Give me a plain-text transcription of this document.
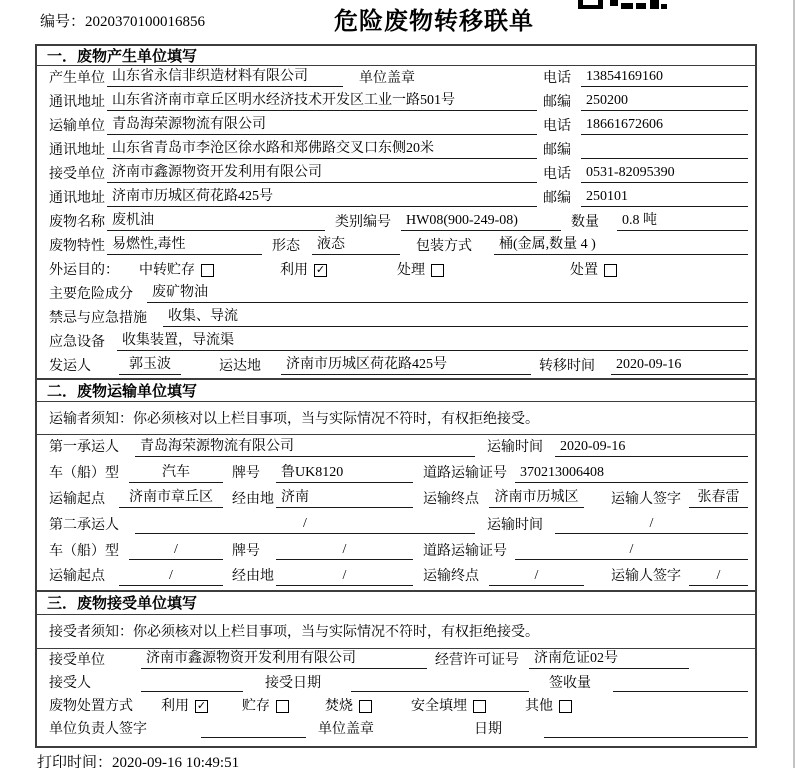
编号：2020370100016856	危险废物转移联单
一．废物产生单位填写
产生单位 山东省永信非织造材料有限公司	单位盖章	电话	13854169160
通讯地址 山东省济南市章丘区明水经济技术开发区工业一路501号	邮编	250200
运输单位 青岛海荣源物流有限公司	电话	18661672606
通讯地址 山东省青岛市李沧区徐水路和郑佛路交叉口东侧20米	邮编
接受单位 济南市鑫源物资开发利用有限公司	电话	0531-82095390
通讯地址 济南市历城区荷花路425号	邮编	250101
废物名称 废机油	类别编号	HW08(900-249-08)	数量	0.8 吨
废物特性 易燃性,毒性	形态	液态	包装方式	桶(金属,数量 4 )
外运目的：	中转贮存	利用 ✓	处理	处置
主要危险成分	废矿物油
禁忌与应急措施	收集、导流
应急设备	收集装置，导流渠
发运人	郭玉波	运达地	济南市历城区荷花路425号	转移时间	2020-09-16
二．废物运输单位填写
运输者须知：你必须核对以上栏目事项，当与实际情况不符时，有权拒绝接受。
第一承运人	青岛海荣源物流有限公司	运输时间	2020-09-16
车（船）型	汽车	牌号	鲁UK8120	道路运输证号 370213006408
运输起点	济南市章丘区	经由地 济南	运输终点	济南市历城区	运输人签字	张春雷
第二承运人	/	运输时间	/
车（船）型	/	牌号	/	道路运输证号	/
运输起点	/	经由地	/	运输终点	/	运输人签字	/
三．废物接受单位填写
接受者须知：你必须核对以上栏目事项，当与实际情况不符时，有权拒绝接受。
接受单位	济南市鑫源物资开发利用有限公司	经营许可证号	济南危证02号
接受人	接受日期	签收量
废物处置方式 利用 ✓	贮存	焚烧	安全填埋	其他
单位负责人签字	单位盖章	日期
打印时间：2020-09-16 10:49:51
